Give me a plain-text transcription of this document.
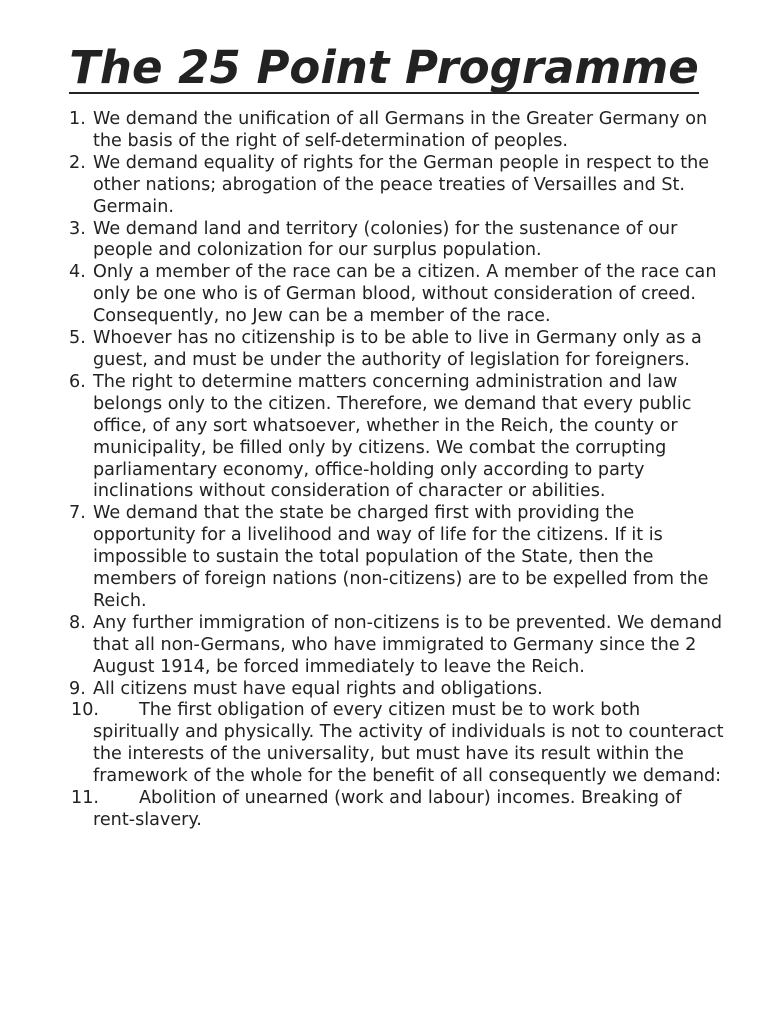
The 25 Point Programme
1. We demand the unification of all Germans in the Greater Germany on the basis of the right of self-determination of peoples.
2. We demand equality of rights for the German people in respect to the other nations; abrogation of the peace treaties of Versailles and St. Germain.
3. We demand land and territory (colonies) for the sustenance of our people and colonization for our surplus population.
4. Only a member of the race can be a citizen. A member of the race can only be one who is of German blood, without consideration of creed. Consequently, no Jew can be a member of the race.
5. Whoever has no citizenship is to be able to live in Germany only as a guest, and must be under the authority of legislation for foreigners.
6. The right to determine matters concerning administration and law belongs only to the citizen. Therefore, we demand that every public office, of any sort whatsoever, whether in the Reich, the county or municipality, be filled only by citizens. We combat the corrupting parliamentary economy, office-holding only according to party inclinations without consideration of character or abilities.
7. We demand that the state be charged first with providing the opportunity for a livelihood and way of life for the citizens. If it is impossible to sustain the total population of the State, then the members of foreign nations (non-citizens) are to be expelled from the Reich.
8. Any further immigration of non-citizens is to be prevented. We demand that all non-Germans, who have immigrated to Germany since the 2 August 1914, be forced immediately to leave the Reich.
9. All citizens must have equal rights and obligations.
10. The first obligation of every citizen must be to work both spiritually and physically. The activity of individuals is not to counteract the interests of the universality, but must have its result within the framework of the whole for the benefit of all consequently we demand:
11. Abolition of unearned (work and labour) incomes. Breaking of rent-slavery.
